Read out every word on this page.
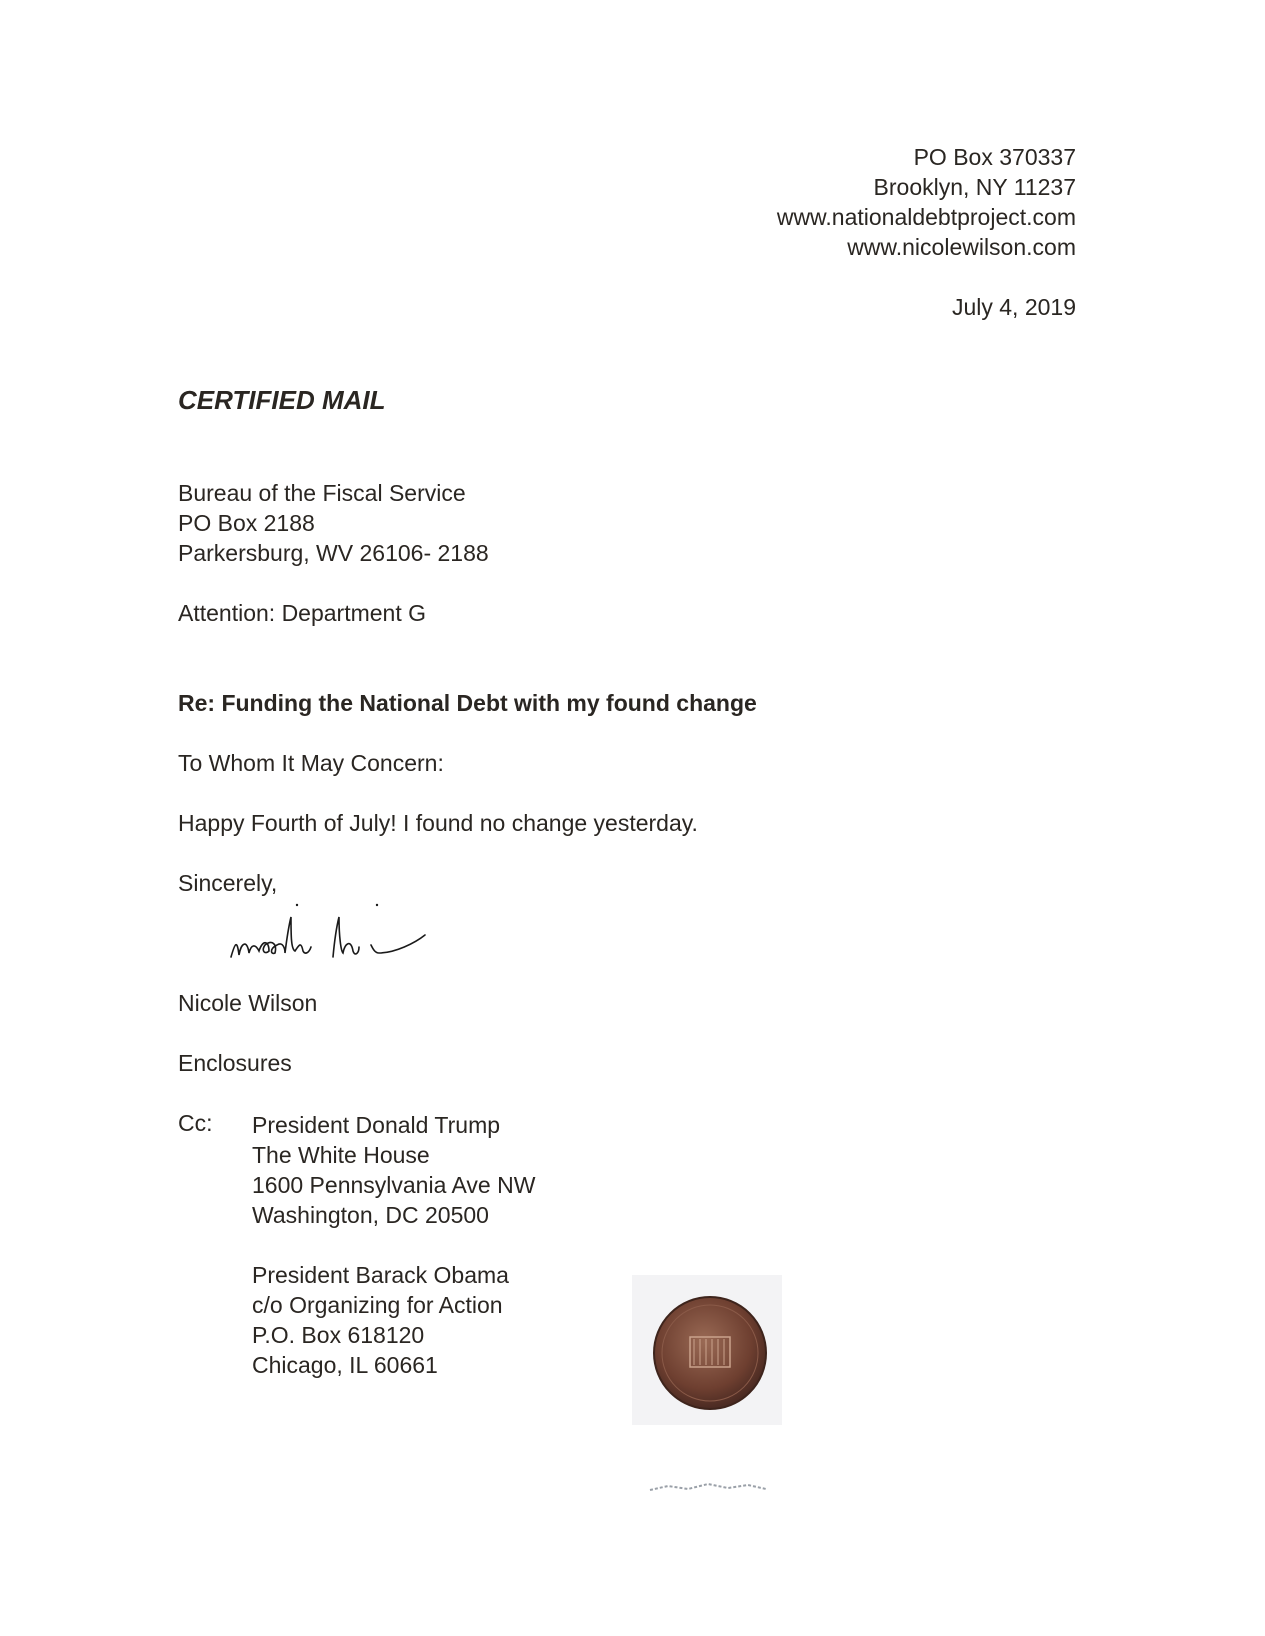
PO Box 370337
Brooklyn, NY 11237
www.nationaldebtproject.com
www.nicolewilson.com
July 4, 2019
CERTIFIED MAIL
Bureau of the Fiscal Service
PO Box 2188
Parkersburg, WV 26106- 2188
Attention: Department G
Re: Funding the National Debt with my found change
To Whom It May Concern:
Happy Fourth of July! I found no change yesterday.
Sincerely,
Nicole Wilson
Enclosures
Cc: President Donald Trump
The White House
1600 Pennsylvania Ave NW
Washington, DC 20500
President Barack Obama
c/o Organizing for Action
P.O. Box 618120
Chicago, IL 60661
